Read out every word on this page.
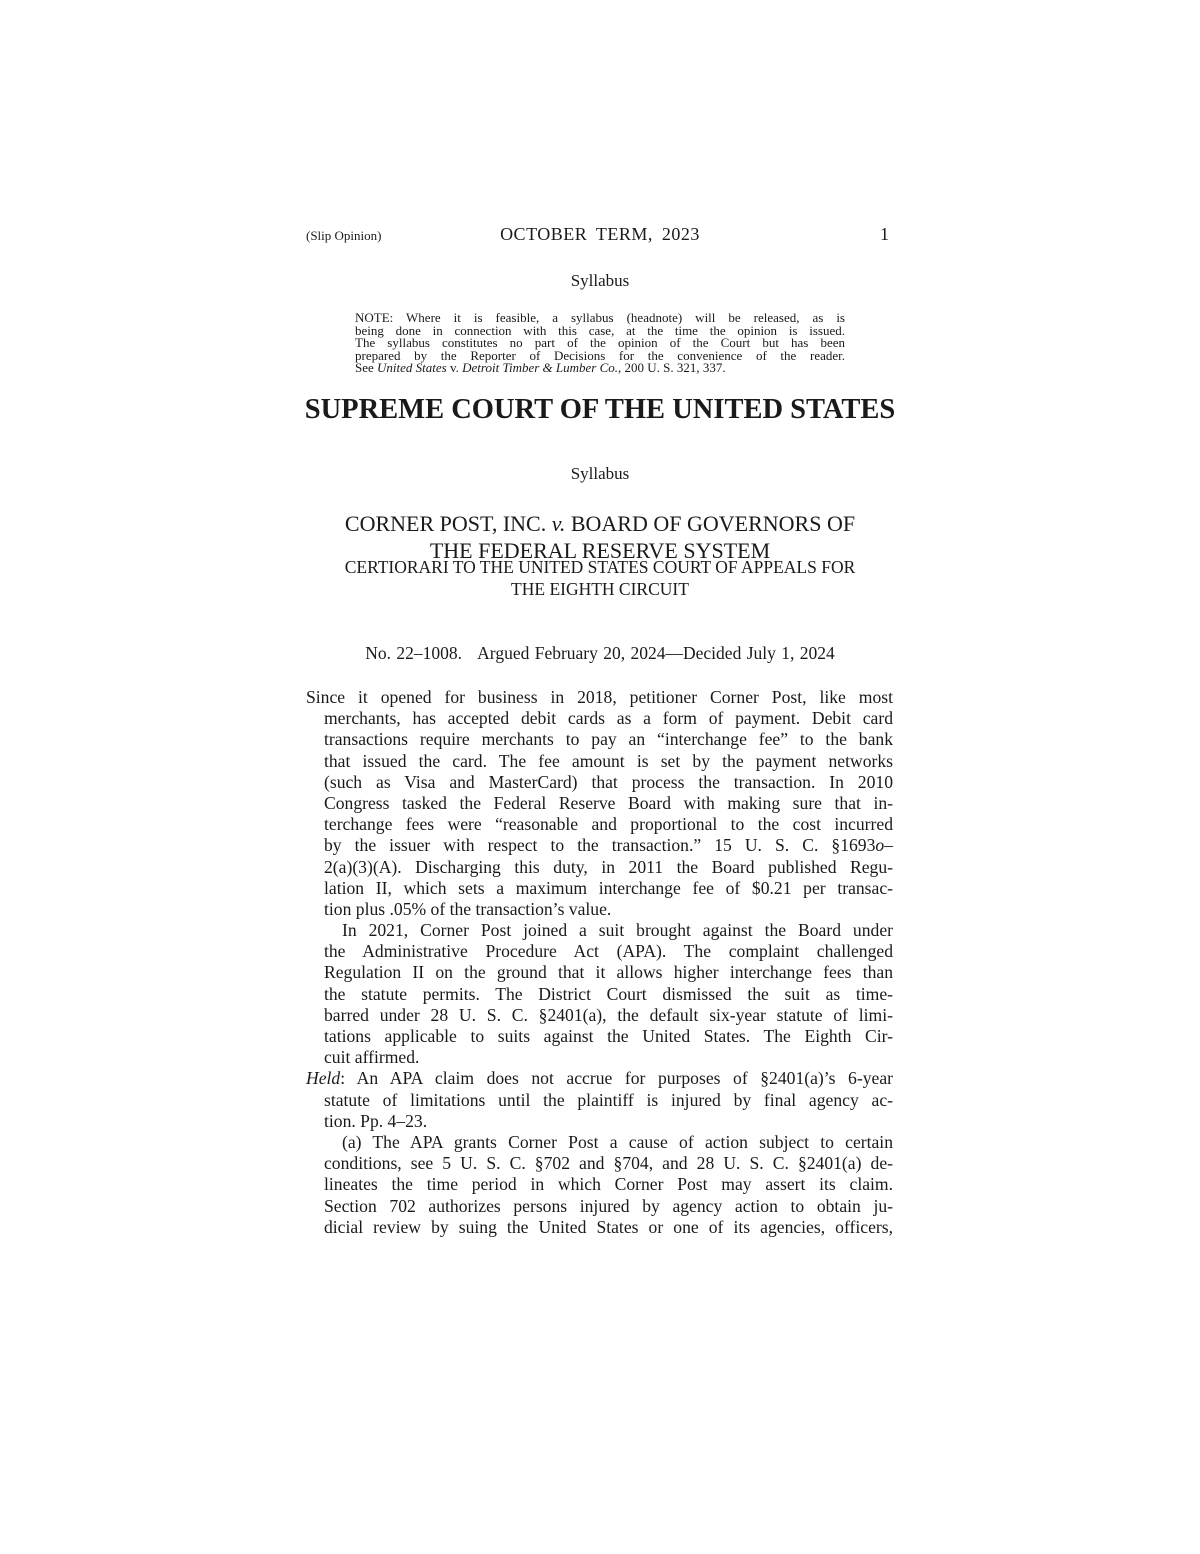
(Slip Opinion)	OCTOBER TERM, 2023	1
Syllabus
NOTE: Where it is feasible, a syllabus (headnote) will be released, as is
being done in connection with this case, at the time the opinion is issued.
The syllabus constitutes no part of the opinion of the Court but has been
prepared by the Reporter of Decisions for the convenience of the reader.
See United States v. Detroit Timber & Lumber Co., 200 U. S. 321, 337.
SUPREME COURT OF THE UNITED STATES
Syllabus
CORNER POST, INC. v. BOARD OF GOVERNORS OF
THE FEDERAL RESERVE SYSTEM
CERTIORARI TO THE UNITED STATES COURT OF APPEALS FOR
THE EIGHTH CIRCUIT
No. 22–1008.   Argued February 20, 2024—Decided July 1, 2024
Since it opened for business in 2018, petitioner Corner Post, like most
merchants, has accepted debit cards as a form of payment. Debit card
transactions require merchants to pay an “interchange fee” to the bank
that issued the card. The fee amount is set by the payment networks
(such as Visa and MasterCard) that process the transaction. In 2010
Congress tasked the Federal Reserve Board with making sure that in-
terchange fees were “reasonable and proportional to the cost incurred
by the issuer with respect to the transaction.” 15 U. S. C. §1693o–
2(a)(3)(A). Discharging this duty, in 2011 the Board published Regu-
lation II, which sets a maximum interchange fee of $0.21 per transac-
tion plus .05% of the transaction’s value.
In 2021, Corner Post joined a suit brought against the Board under
the Administrative Procedure Act (APA). The complaint challenged
Regulation II on the ground that it allows higher interchange fees than
the statute permits. The District Court dismissed the suit as time-
barred under 28 U. S. C. §2401(a), the default six-year statute of limi-
tations applicable to suits against the United States. The Eighth Cir-
cuit affirmed.
Held: An APA claim does not accrue for purposes of §2401(a)’s 6-year
statute of limitations until the plaintiff is injured by final agency ac-
tion. Pp. 4–23.
(a) The APA grants Corner Post a cause of action subject to certain
conditions, see 5 U. S. C. §702 and §704, and 28 U. S. C. §2401(a) de-
lineates the time period in which Corner Post may assert its claim.
Section 702 authorizes persons injured by agency action to obtain ju-
dicial review by suing the United States or one of its agencies, officers,
